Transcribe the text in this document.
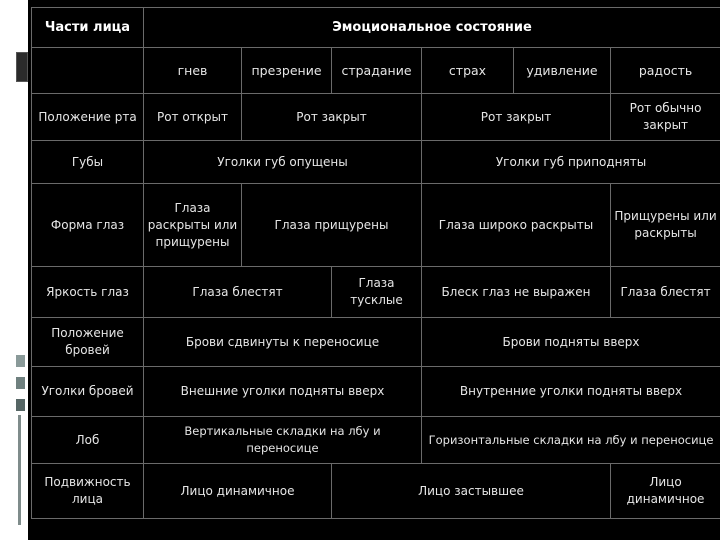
Части лица	Эмоциональное состояние					
	гнев	презрение	страдание	страх	удивление	радость
Положение рта	Рот открыт	Рот закрыт		Рот закрыт		Рот обычно закрыт
Губы	Уголки губ опущены			Уголки губ приподняты		
Форма глаз	Глаза раскрыты или прищурены	Глаза прищурены		Глаза широко раскрыты		Прищурены или раскрыты
Яркость глаз	Глаза блестят		Глаза тусклые	Блеск глаз не выражен		Глаза блестят
Положение бровей	Брови сдвинуты к переносице			Брови подняты вверх		
Уголки бровей	Внешние уголки подняты вверх			Внутренние уголки подняты вверх		
Лоб	Вертикальные складки на лбу и переносице			Горизонтальные складки на лбу и переносице		
Подвижность лица	Лицо динамичное		Лицо застывшее			Лицо динамичное
